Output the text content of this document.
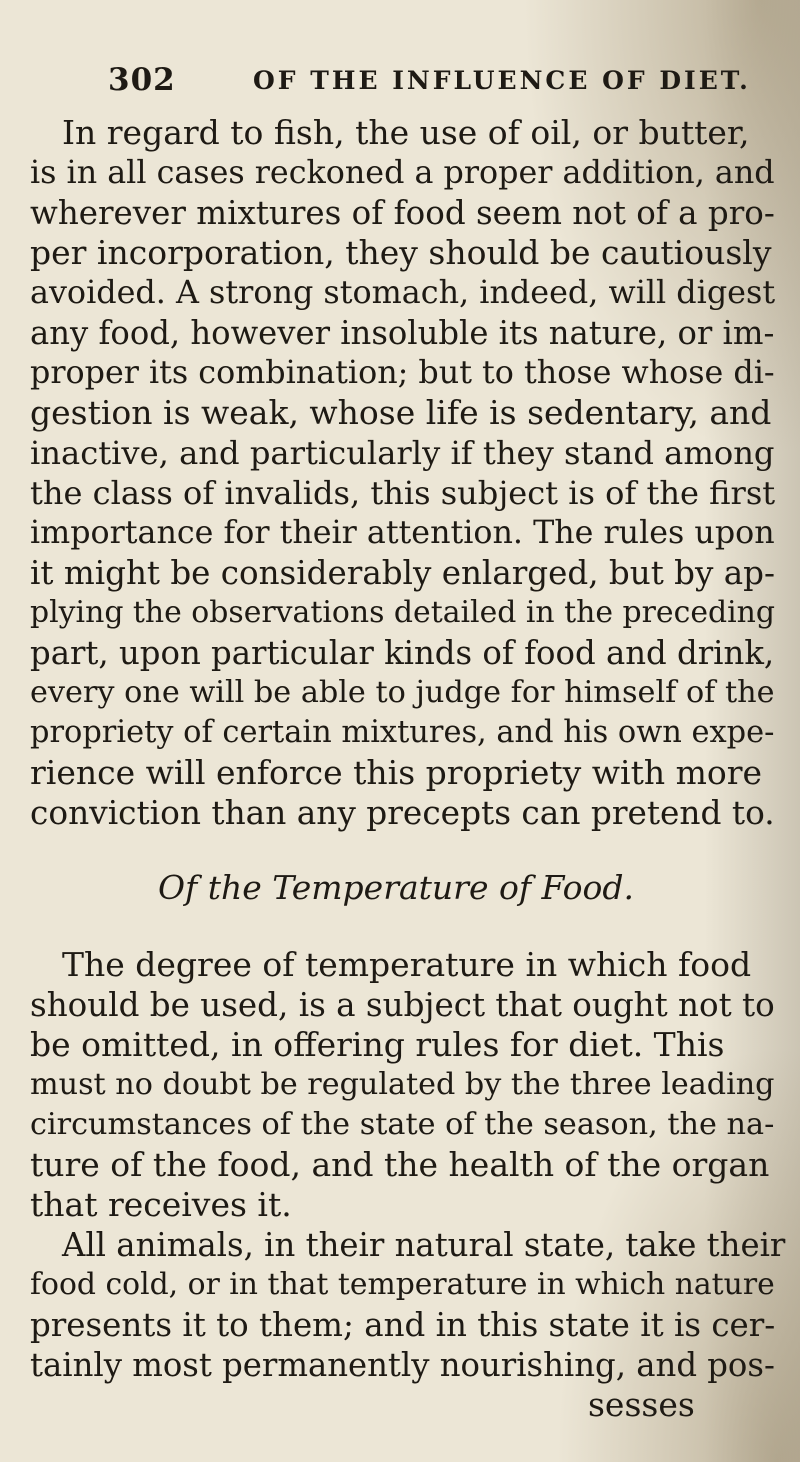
302	OF THE INFLUENCE OF DIET.
In regard to fish, the use of oil, or butter,
is in all cases reckoned a proper addition, and
wherever mixtures of food seem not of a pro-
per incorporation, they should be cautiously
avoided. A strong stomach, indeed, will digest
any food, however insoluble its nature, or im-
proper its combination; but to those whose di-
gestion is weak, whose life is sedentary, and
inactive, and particularly if they stand among
the class of invalids, this subject is of the first
importance for their attention. The rules upon
it might be considerably enlarged, but by ap-
plying the observations detailed in the preceding
part, upon particular kinds of food and drink,
every one will be able to judge for himself of the
propriety of certain mixtures, and his own expe-
rience will enforce this propriety with more
conviction than any precepts can pretend to.
Of the Temperature of Food.
The degree of temperature in which food
should be used, is a subject that ought not to
be omitted, in offering rules for diet. This
must no doubt be regulated by the three leading
circumstances of the state of the season, the na-
ture of the food, and the health of the organ
that receives it.
All animals, in their natural state, take their
food cold, or in that temperature in which nature
presents it to them; and in this state it is cer-
tainly most permanently nourishing, and pos-
sesses
